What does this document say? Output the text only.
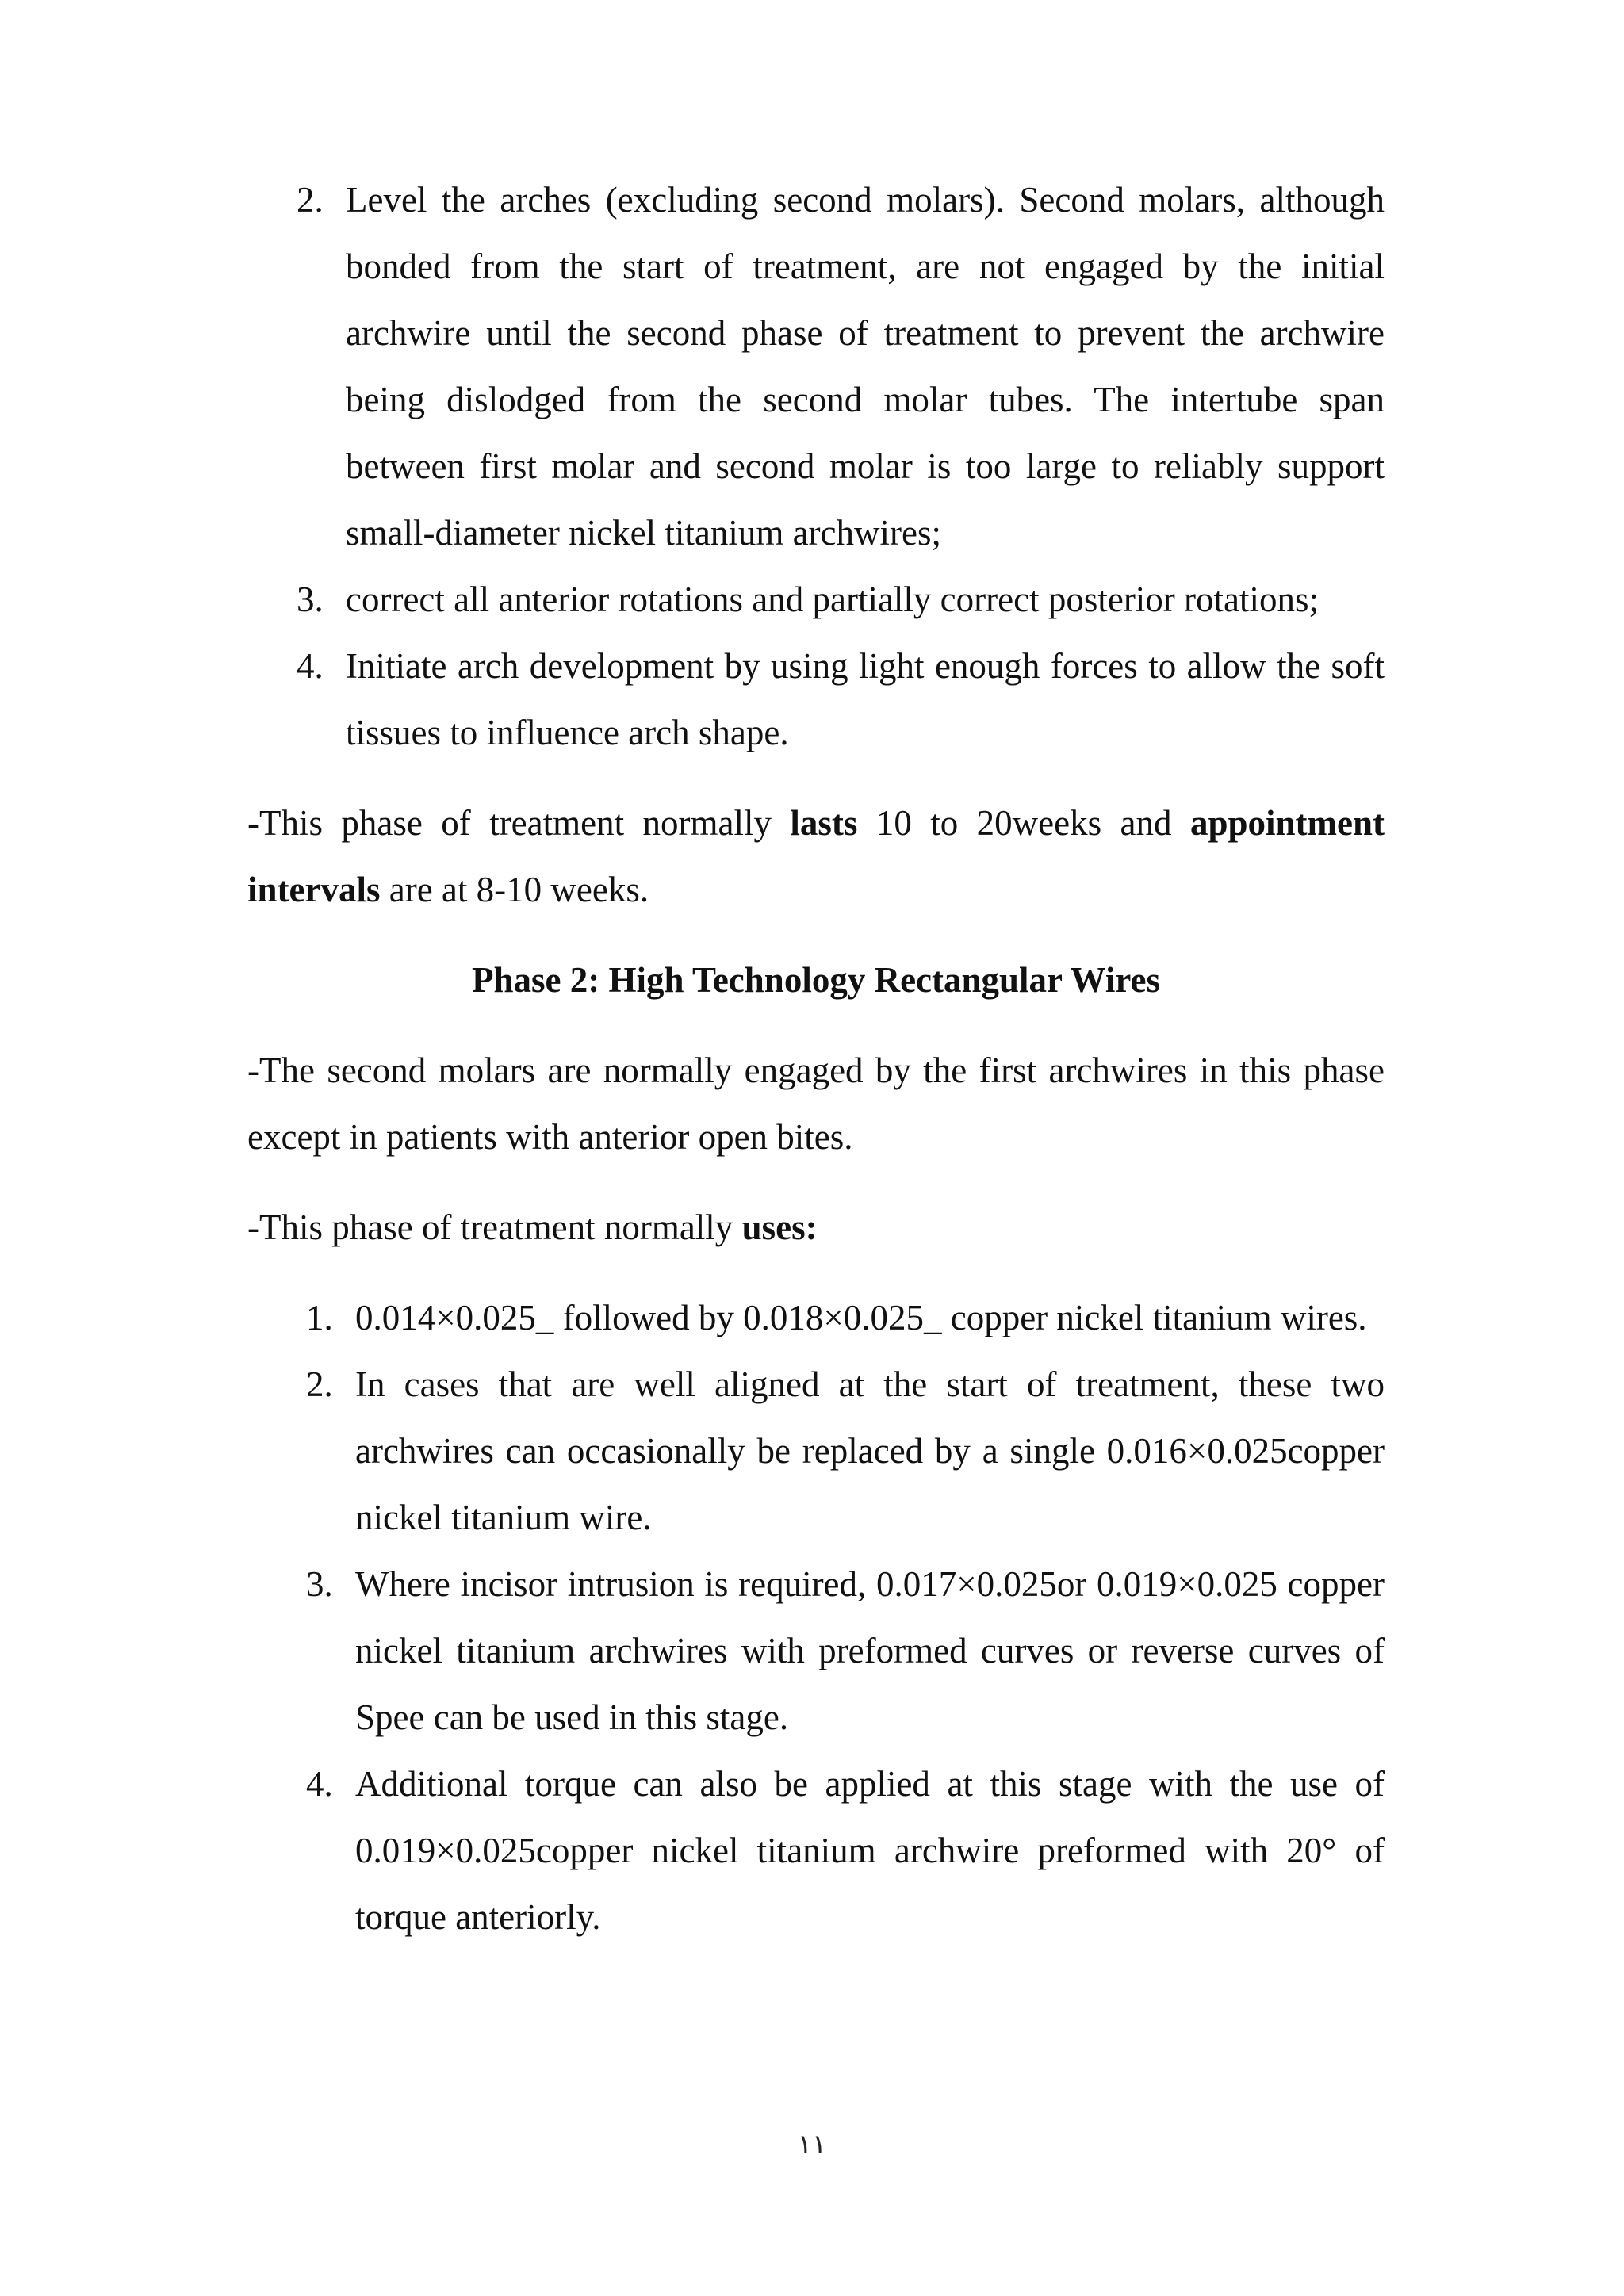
2. Level the arches (excluding second molars). Second molars, although bonded from the start of treatment, are not engaged by the initial archwire until the second phase of treatment to prevent the archwire being dislodged from the second molar tubes. The intertube span between first molar and second molar is too large to reliably support small-diameter nickel titanium archwires;
3. correct all anterior rotations and partially correct posterior rotations;
4. Initiate arch development by using light enough forces to allow the soft tissues to influence arch shape.

-This phase of treatment normally lasts 10 to 20weeks and appointment intervals are at 8-10 weeks.

Phase 2: High Technology Rectangular Wires

-The second molars are normally engaged by the first archwires in this phase except in patients with anterior open bites.

-This phase of treatment normally uses:

1. 0.014×0.025_ followed by 0.018×0.025_ copper nickel titanium wires.
2. In cases that are well aligned at the start of treatment, these two archwires can occasionally be replaced by a single 0.016×0.025copper nickel titanium wire.
3. Where incisor intrusion is required, 0.017×0.025or 0.019×0.025 copper nickel titanium archwires with preformed curves or reverse curves of Spee can be used in this stage.
4. Additional torque can also be applied at this stage with the use of 0.019×0.025copper nickel titanium archwire preformed with 20° of torque anteriorly.
١١
